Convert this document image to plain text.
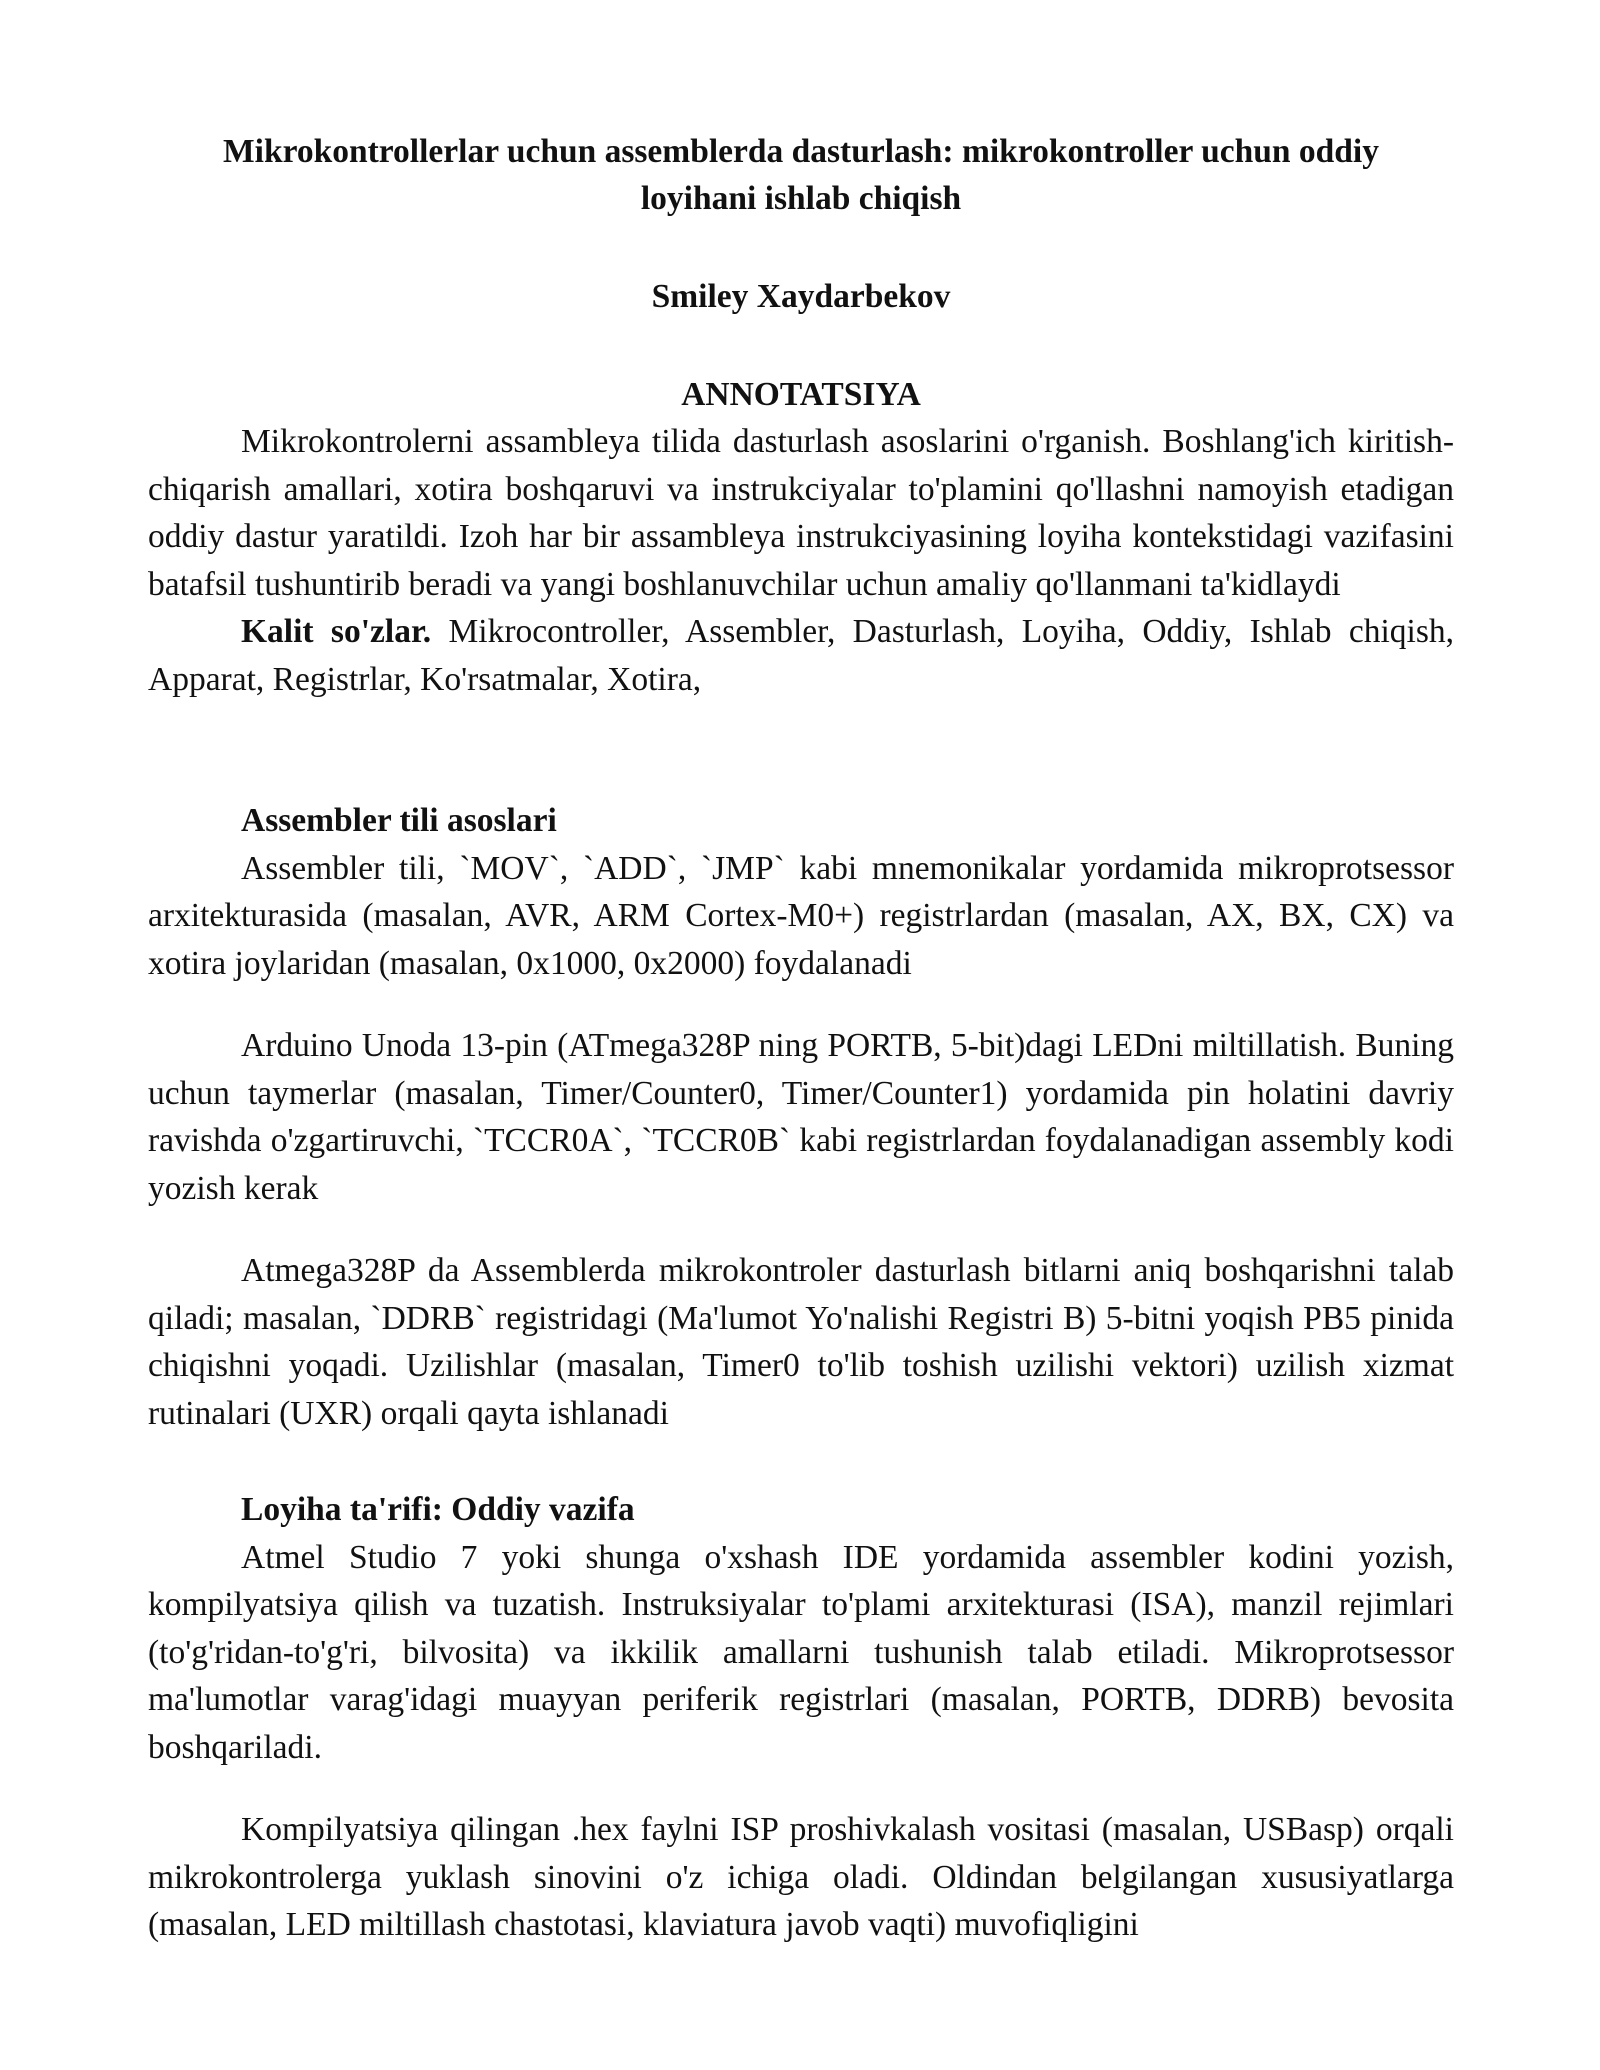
Mikrokontrollerlar uchun assemblerda dasturlash: mikrokontroller uchun oddiy loyihani ishlab chiqish
Smiley Xaydarbekov
ANNOTATSIYA

Mikrokontrolerni assambleya tilida dasturlash asoslarini o'rganish. Boshlang'ich kiritish-chiqarish amallari, xotira boshqaruvi va instrukciyalar to'plamini qo'llashni namoyish etadigan oddiy dastur yaratildi. Izoh har bir assambleya instrukciyasining loyiha kontekstidagi vazifasini batafsil tushuntirib beradi va yangi boshlanuvchilar uchun amaliy qo'llanmani ta'kidlaydi

Kalit so'zlar. Mikrocontroller, Assembler, Dasturlash, Loyiha, Oddiy, Ishlab chiqish, Apparat, Registrlar, Ko'rsatmalar, Xotira,

Assembler tili asoslari

Assembler tili, `MOV`, `ADD`, `JMP` kabi mnemonikalar yordamida mikroprotsessor arxitekturasida (masalan, AVR, ARM Cortex-M0+) registrlardan (masalan, AX, BX, CX) va xotira joylaridan (masalan, 0x1000, 0x2000) foydalanadi

Arduino Unoda 13-pin (ATmega328P ning PORTB, 5-bit)dagi LEDni miltillatish. Buning uchun taymerlar (masalan, Timer/Counter0, Timer/Counter1) yordamida pin holatini davriy ravishda o'zgartiruvchi, `TCCR0A`, `TCCR0B` kabi registrlardan foydalanadigan assembly kodi yozish kerak

Atmega328P da Assemblerda mikrokontroler dasturlash bitlarni aniq boshqarishni talab qiladi; masalan, `DDRB` registridagi (Ma'lumot Yo'nalishi Registri B) 5-bitni yoqish PB5 pinida chiqishni yoqadi. Uzilishlar (masalan, Timer0 to'lib toshish uzilishi vektori) uzilish xizmat rutinalari (UXR) orqali qayta ishlanadi

Loyiha ta'rifi: Oddiy vazifa

Atmel Studio 7 yoki shunga o'xshash IDE yordamida assembler kodini yozish, kompilyatsiya qilish va tuzatish. Instruksiyalar to'plami arxitekturasi (ISA), manzil rejimlari (to'g'ridan-to'g'ri, bilvosita) va ikkilik amallarni tushunish talab etiladi. Mikroprotsessor ma'lumotlar varag'idagi muayyan periferik registrlari (masalan, PORTB, DDRB) bevosita boshqariladi.

Kompilyatsiya qilingan .hex faylni ISP proshivkalash vositasi (masalan, USBasp) orqali mikrokontrolerga yuklash sinovini o'z ichiga oladi. Oldindan belgilangan xususiyatlarga (masalan, LED miltillash chastotasi, klaviatura javob vaqti) muvofiqligini
